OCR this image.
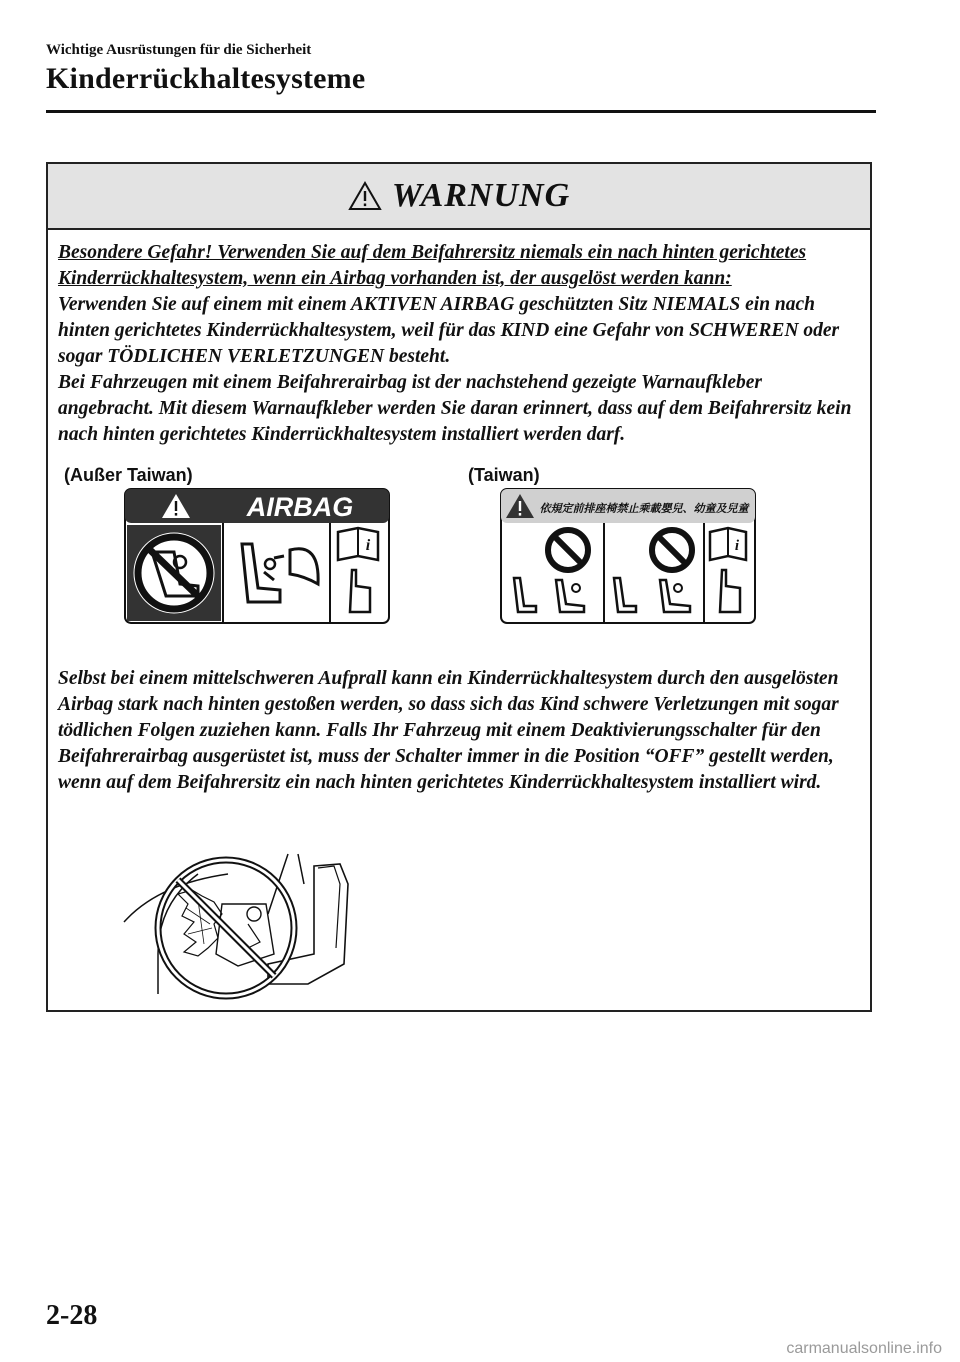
Wichtige Ausrüstungen für die Sicherheit
Kinderrückhaltesysteme
WARNUNG

Besondere Gefahr! Verwenden Sie auf dem Beifahrersitz niemals ein nach hinten gerichtetes Kinderrückhaltesystem, wenn ein Airbag vorhanden ist, der ausgelöst werden kann:

Verwenden Sie auf einem mit einem AKTIVEN AIRBAG geschützten Sitz NIEMALS ein nach hinten gerichtetes Kinderrückhaltesystem, weil für das KIND eine Gefahr von SCHWEREN oder sogar TÖDLICHEN VERLETZUNGEN besteht.

Bei Fahrzeugen mit einem Beifahrerairbag ist der nachstehend gezeigte Warnaufkleber angebracht. Mit diesem Warnaufkleber werden Sie daran erinnert, dass auf dem Beifahrersitz kein nach hinten gerichtetes Kinderrückhaltesystem installiert werden darf.

(Außer Taiwan)	(Taiwan)
AIRBAG
i
依規定前排座椅禁止乘載嬰兒、幼童及兒童
i

Selbst bei einem mittelschweren Aufprall kann ein Kinderrückhaltesystem durch den ausgelösten Airbag stark nach hinten gestoßen werden, so dass sich das Kind schwere Verletzungen mit sogar tödlichen Folgen zuziehen kann. Falls Ihr Fahrzeug mit einem Deaktivierungsschalter für den Beifahrerairbag ausgerüstet ist, muss der Schalter immer in die Position “OFF” gestellt werden, wenn auf dem Beifahrersitz ein nach hinten gerichtetes Kinderrückhaltesystem installiert wird.

2-28
carmanualsonline.info
